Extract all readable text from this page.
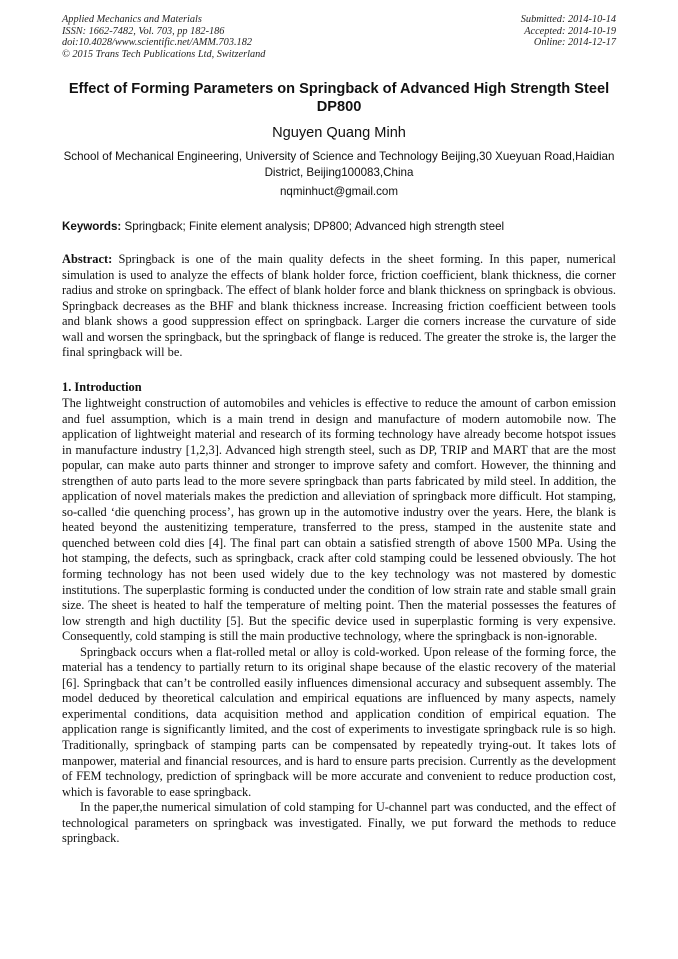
Applied Mechanics and Materials
ISSN: 1662-7482, Vol. 703, pp 182-186
doi:10.4028/www.scientific.net/AMM.703.182
© 2015 Trans Tech Publications Ltd, Switzerland
Submitted: 2014-10-14
Accepted: 2014-10-19
Online: 2014-12-17
Effect of Forming Parameters on Springback of Advanced High Strength Steel DP800
Nguyen Quang Minh
School of Mechanical Engineering, University of Science and Technology Beijing,30 Xueyuan Road,Haidian District, Beijing100083,China
nqminhuct@gmail.com
Keywords: Springback; Finite element analysis; DP800; Advanced high strength steel
Abstract: Springback is one of the main quality defects in the sheet forming. In this paper, numerical simulation is used to analyze the effects of blank holder force, friction coefficient, blank thickness, die corner radius and stroke on springback. The effect of blank holder force and blank thickness on springback is obvious. Springback decreases as the BHF and blank thickness increase. Increasing friction coefficient between tools and blank shows a good suppression effect on springback. Larger die corners increase the curvature of side wall and worsen the springback, but the springback of flange is reduced. The greater the stroke is, the larger the final springback will be.
1. Introduction

The lightweight construction of automobiles and vehicles is effective to reduce the amount of carbon emission and fuel assumption, which is a main trend in design and manufacture of modern automobile now. The application of lightweight material and research of its forming technology have already become hotspot issues in manufacture industry [1,2,3]. Advanced high strength steel, such as DP, TRIP and MART that are the most popular, can make auto parts thinner and stronger to improve safety and comfort. However, the thinning and strengthen of auto parts lead to the more severe springback than parts fabricated by mild steel. In addition, the application of novel materials makes the prediction and alleviation of springback more difficult. Hot stamping, so-called ‘die quenching process’, has grown up in the automotive industry over the years. Here, the blank is heated beyond the austenitizing temperature, transferred to the press, stamped in the austenite state and quenched between cold dies [4]. The final part can obtain a satisfied strength of above 1500 MPa. Using the hot stamping, the defects, such as springback, crack after cold stamping could be lessened obviously. The hot forming technology has not been used widely due to the key technology was not mastered by domestic institutions. The superplastic forming is conducted under the condition of low strain rate and stable small grain size. The sheet is heated to half the temperature of melting point. Then the material possesses the features of low strength and high ductility [5]. But the specific device used in superplastic forming is very expensive. Consequently, cold stamping is still the main productive technology, where the springback is non-ignorable.

Springback occurs when a flat-rolled metal or alloy is cold-worked. Upon release of the forming force, the material has a tendency to partially return to its original shape because of the elastic recovery of the material [6]. Springback that can’t be controlled easily influences dimensional accuracy and subsequent assembly. The model deduced by theoretical calculation and empirical equations are influenced by many aspects, namely experimental conditions, data acquisition method and application condition of empirical equation. The application range is significantly limited, and the cost of experiments to investigate springback rule is so high. Traditionally, springback of stamping parts can be compensated by repeatedly trying-out. It takes lots of manpower, material and financial resources, and is hard to ensure parts precision. Currently as the development of FEM technology, prediction of springback will be more accurate and convenient to reduce production cost, which is favorable to ease springback.

In the paper,the numerical simulation of cold stamping for U-channel part was conducted, and the effect of technological parameters on springback was investigated. Finally, we put forward the methods to reduce springback.
